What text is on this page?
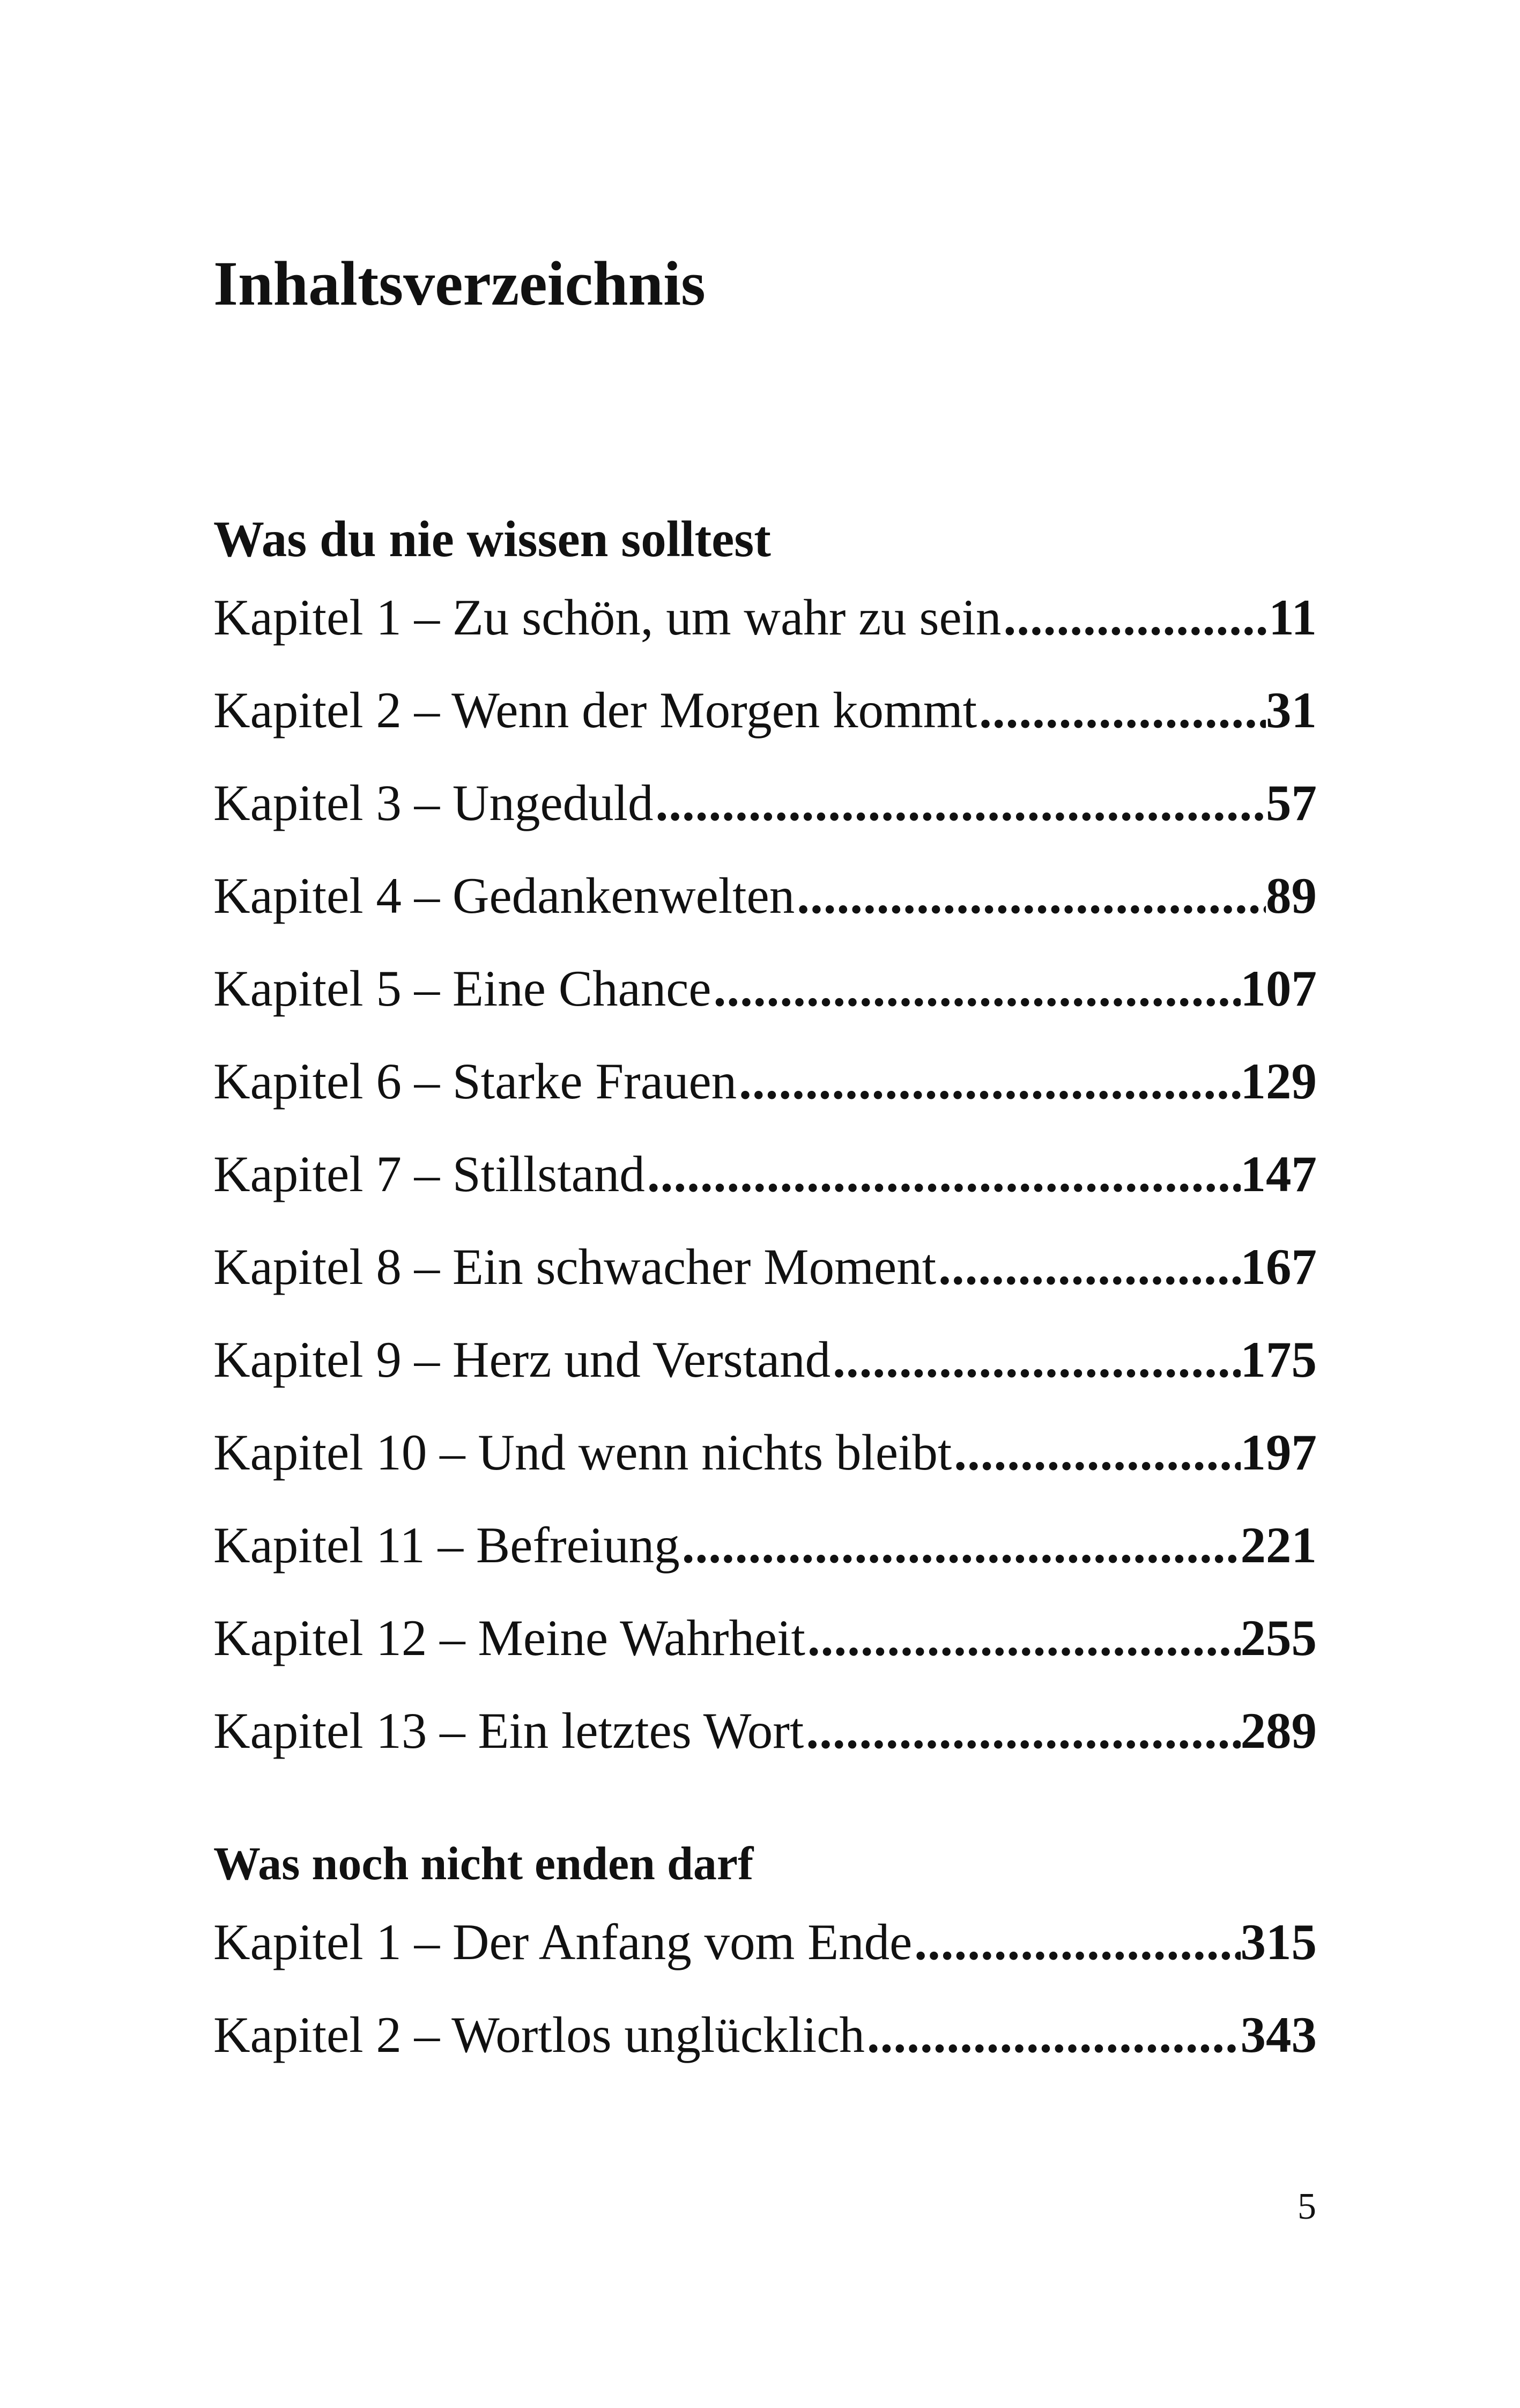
Inhaltsverzeichnis
Was du nie wissen solltest
Kapitel 1 – Zu schön, um wahr zu sein .....	11
Kapitel 2 – Wenn der Morgen kommt .....	31
Kapitel 3 – Ungeduld .....	57
Kapitel 4 – Gedankenwelten .....	89
Kapitel 5 – Eine Chance .....	107
Kapitel 6 – Starke Frauen .....	129
Kapitel 7 – Stillstand .....	147
Kapitel 8 – Ein schwacher Moment .....	167
Kapitel 9 – Herz und Verstand .....	175
Kapitel 10 – Und wenn nichts bleibt .....	197
Kapitel 11 – Befreiung .....	221
Kapitel 12 – Meine Wahrheit .....	255
Kapitel 13 – Ein letztes Wort .....	289
Was noch nicht enden darf
Kapitel 1 – Der Anfang vom Ende .....	315
Kapitel 2 – Wortlos unglücklich .....	343

5
